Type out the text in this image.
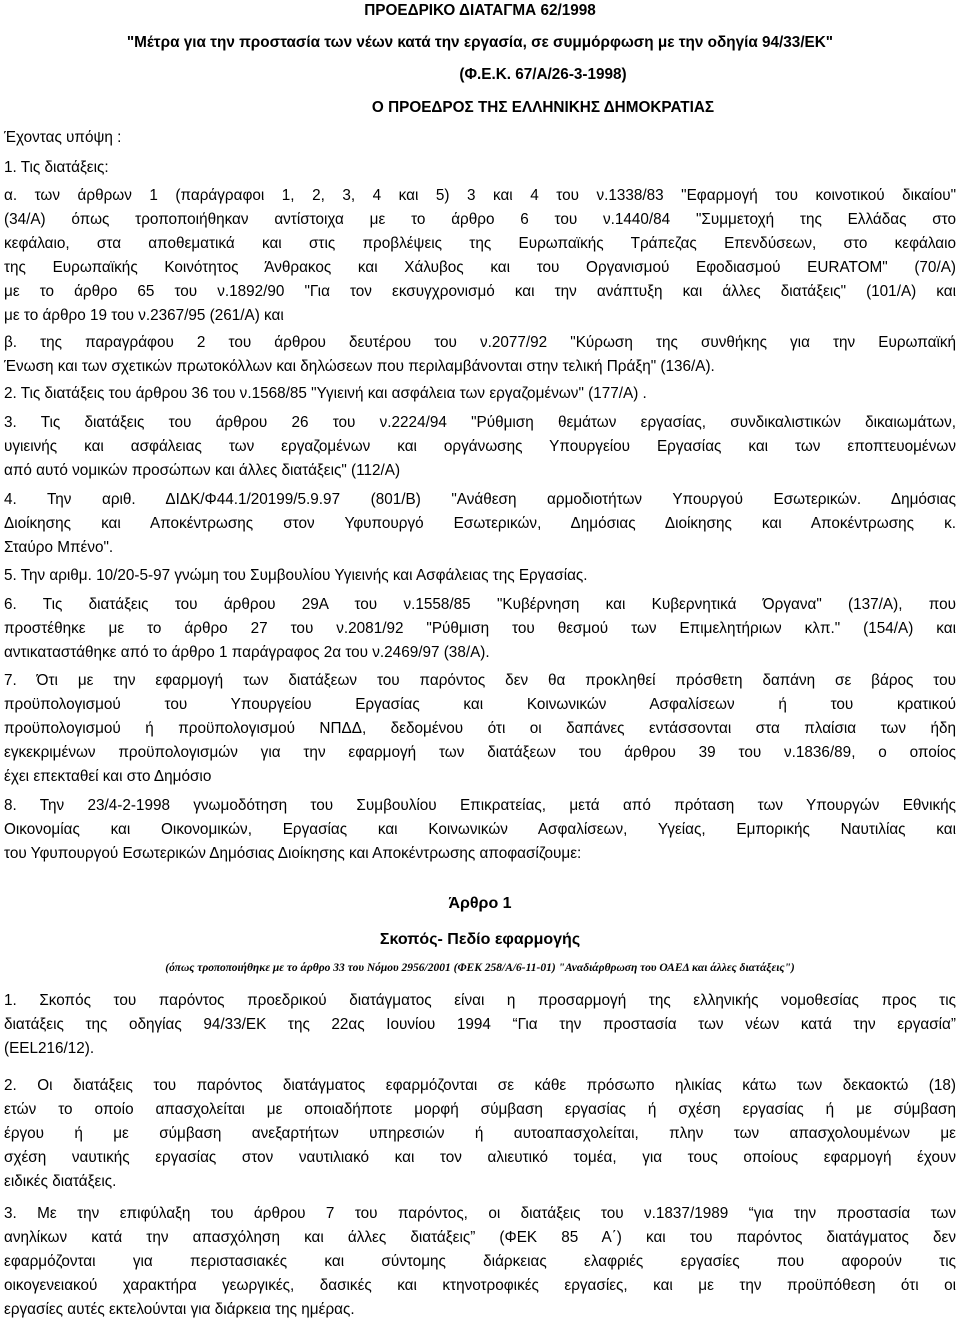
ΠΡΟΕΔΡΙΚΟ ΔΙΑΤΑΓΜΑ 62/1998

"Μέτρα για την προστασία των νέων κατά την εργασία, σε συμμόρφωση με την οδηγία 94/33/ΕΚ"

(Φ.Ε.Κ. 67/Α/26-3-1998)

Ο ΠΡΟΕΔΡΟΣ ΤΗΣ ΕΛΛΗΝΙΚΗΣ ΔΗΜΟΚΡΑΤΙΑΣ

Έχοντας υπόψη :

1. Τις διατάξεις:

α. των άρθρων 1 (παράγραφοι 1, 2, 3, 4 και 5) 3 και 4 του ν.1338/83 "Εφαρμογή του κοινοτικού δικαίου"

(34/Α) όπως τροποποιήθηκαν αντίστοιχα με το άρθρο 6 του ν.1440/84 "Συμμετοχή της Ελλάδας στο

κεφάλαιο, στα αποθεματικά και στις προβλέψεις της Ευρωπαϊκής Τράπεζας Επενδύσεων, στο κεφάλαιο

της Ευρωπαϊκής Κοινότητος Άνθρακος και Χάλυβος και του Οργανισμού Εφοδιασμού EURATOM" (70/Α)

με το άρθρο 65 του ν.1892/90 "Για τον εκσυγχρονισμό και την ανάπτυξη και άλλες διατάξεις" (101/Α) και

με το άρθρο 19 του ν.2367/95 (261/Α) και

β. της παραγράφου 2 του άρθρου δευτέρου του ν.2077/92 "Κύρωση της συνθήκης για την Ευρωπαϊκή

Ένωση και των σχετικών πρωτοκόλλων και δηλώσεων που περιλαμβάνονται στην τελική Πράξη" (136/Α).

2. Τις διατάξεις του άρθρου 36 του ν.1568/85 "Υγιεινή και ασφάλεια των εργαζομένων" (177/Α) .

3. Τις διατάξεις του άρθρου 26 του ν.2224/94 "Ρύθμιση θεμάτων εργασίας, συνδικαλιστικών δικαιωμάτων,

υγιεινής και ασφάλειας των εργαζομένων και οργάνωσης Υπουργείου Εργασίας και των εποπτευομένων

από αυτό νομικών προσώπων και άλλες διατάξεις" (112/Α)

4. Την αριθ. ΔΙΔΚ/Φ44.1/20199/5.9.97 (801/Β) "Ανάθεση αρμοδιοτήτων Υπουργού Εσωτερικών. Δημόσιας

Διοίκησης και Αποκέντρωσης στον Υφυπουργό Εσωτερικών, Δημόσιας Διοίκησης και Αποκέντρωσης κ.

Σταύρο Μπένο".

5. Την αριθμ. 10/20-5-97 γνώμη του Συμβουλίου Υγιεινής και Ασφάλειας της Εργασίας.

6. Τις διατάξεις του άρθρου 29Α του ν.1558/85 "Κυβέρνηση και Κυβερνητικά Όργανα" (137/Α), που

προστέθηκε με το άρθρο 27 του ν.2081/92 "Ρύθμιση του θεσμού των Επιμελητήριων κλπ." (154/Α) και

αντικαταστάθηκε από το άρθρο 1 παράγραφος 2α του ν.2469/97 (38/Α).

7. Ότι με την εφαρμογή των διατάξεων του παρόντος δεν θα προκληθεί πρόσθετη δαπάνη σε βάρος του

προϋπολογισμού του Υπουργείου Εργασίας και Κοινωνικών Ασφαλίσεων ή του κρατικού

προϋπολογισμού ή προϋπολογισμού ΝΠΔΔ, δεδομένου ότι οι δαπάνες εντάσσονται στα πλαίσια των ήδη

εγκεκριμένων προϋπολογισμών για την εφαρμογή των διατάξεων του άρθρου 39 του ν.1836/89, ο οποίος

έχει επεκταθεί και στο Δημόσιο

8. Την 23/4-2-1998 γνωμοδότηση του Συμβουλίου Επικρατείας, μετά από πρόταση των Υπουργών Εθνικής

Οικονομίας και Οικονομικών, Εργασίας και Κοινωνικών Ασφαλίσεων, Υγείας, Εμπορικής Ναυτιλίας και

του Υφυπουργού Εσωτερικών Δημόσιας Διοίκησης και Αποκέντρωσης αποφασίζουμε:

Άρθρο 1

Σκοπός- Πεδίο εφαρμογής

(όπως τροποποιήθηκε με το άρθρο 33 του Νόμου 2956/2001 (ΦΕΚ 258/Α/6-11-01) "Αναδιάρθρωση του ΟΑΕΔ και άλλες διατάξεις")

1. Σκοπός του παρόντος προεδρικού διατάγματος είναι η προσαρμογή της ελληνικής νομοθεσίας προς τις

διατάξεις της οδηγίας 94/33/ΕΚ της 22ας Ιουνίου 1994 “Για την προστασία των νέων κατά την εργασία”

(EEL216/12).

2. Οι διατάξεις του παρόντος διατάγματος εφαρμόζονται σε κάθε πρόσωπο ηλικίας κάτω των δεκαοκτώ (18)

ετών το οποίο απασχολείται με οποιαδήποτε μορφή σύμβαση εργασίας ή σχέση εργασίας ή με σύμβαση

έργου ή με σύμβαση ανεξαρτήτων υπηρεσιών ή αυτοαπασχολείται, πλην των απασχολουμένων με

σχέση ναυτικής εργασίας στον ναυτιλιακό και τον αλιευτικό τομέα, για τους οποίους εφαρμογή έχουν

ειδικές διατάξεις.

3. Με την επιφύλαξη του άρθρου 7 του παρόντος, οι διατάξεις του ν.1837/1989 “για την προστασία των

ανηλίκων κατά την απασχόληση και άλλες διατάξεις” (ΦΕΚ 85 Α΄) και του παρόντος διατάγματος δεν

εφαρμόζονται για περιστασιακές και σύντομης διάρκειας ελαφριές εργασίες που αφορούν τις

οικογενειακού χαρακτήρα γεωργικές, δασικές και κτηνοτροφικές εργασίες, και με την προϋπόθεση ότι οι

εργασίες αυτές εκτελούνται για διάρκεια της ημέρας.
